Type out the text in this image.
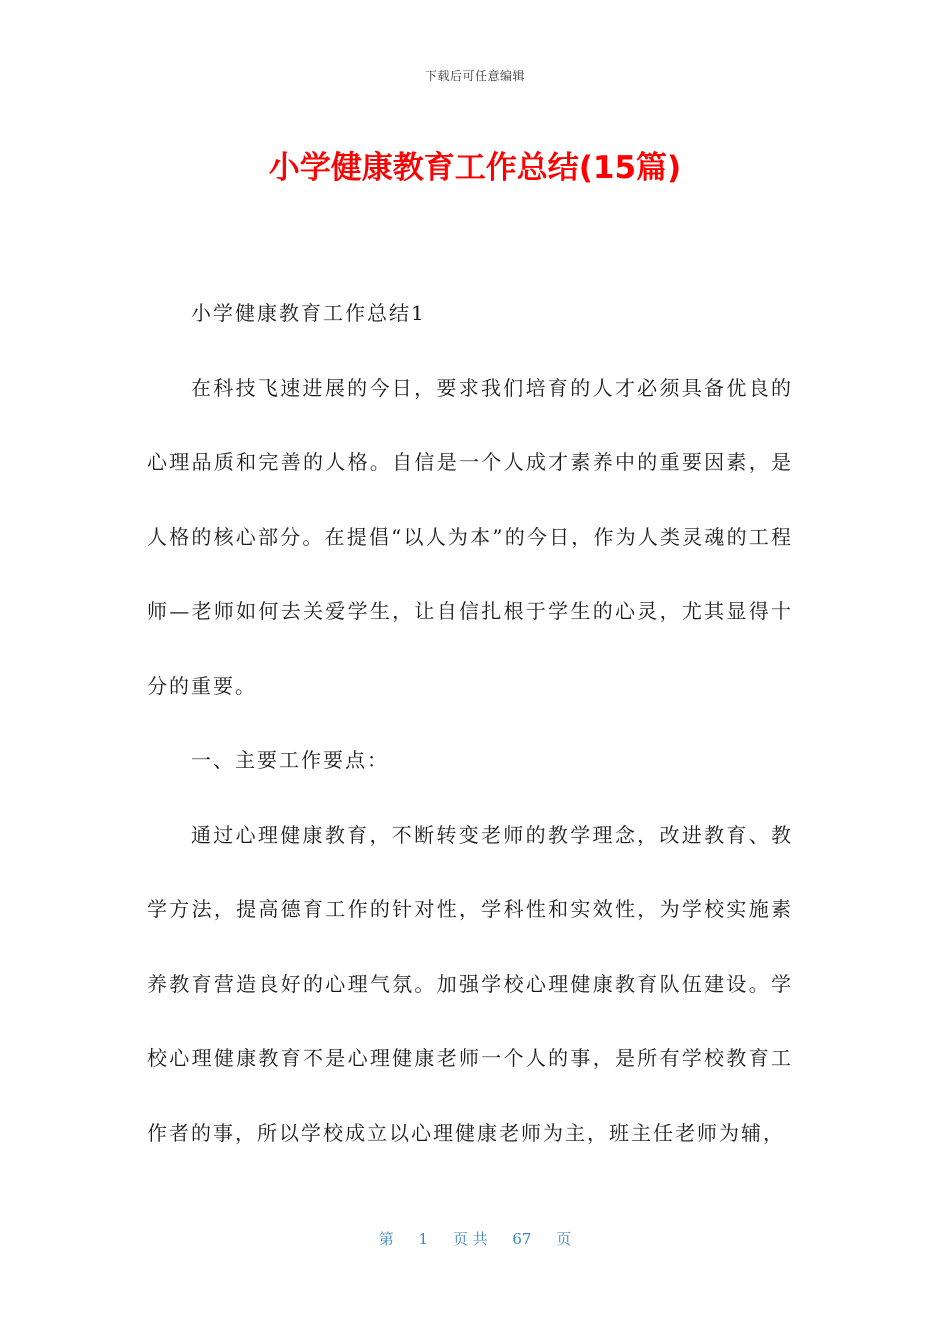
下载后可任意编辑
小学健康教育工作总结(15篇)

小学健康教育工作总结1

在科技飞速进展的今日，要求我们培育的人才必须具备优良的心理品质和完善的人格。自信是一个人成才素养中的重要因素，是人格的核心部分。在提倡“以人为本”的今日，作为人类灵魂的工程师—老师如何去关爱学生，让自信扎根于学生的心灵，尤其显得十分的重要。

一、主要工作要点：

通过心理健康教育，不断转变老师的教学理念，改进教育、教学方法，提高德育工作的针对性，学科性和实效性，为学校实施素养教育营造良好的心理气氛。加强学校心理健康教育队伍建设。学校心理健康教育不是心理健康老师一个人的事，是所有学校教育工作者的事，所以学校成立以心理健康老师为主，班主任老师为辅，

第 1 页 共 67 页
